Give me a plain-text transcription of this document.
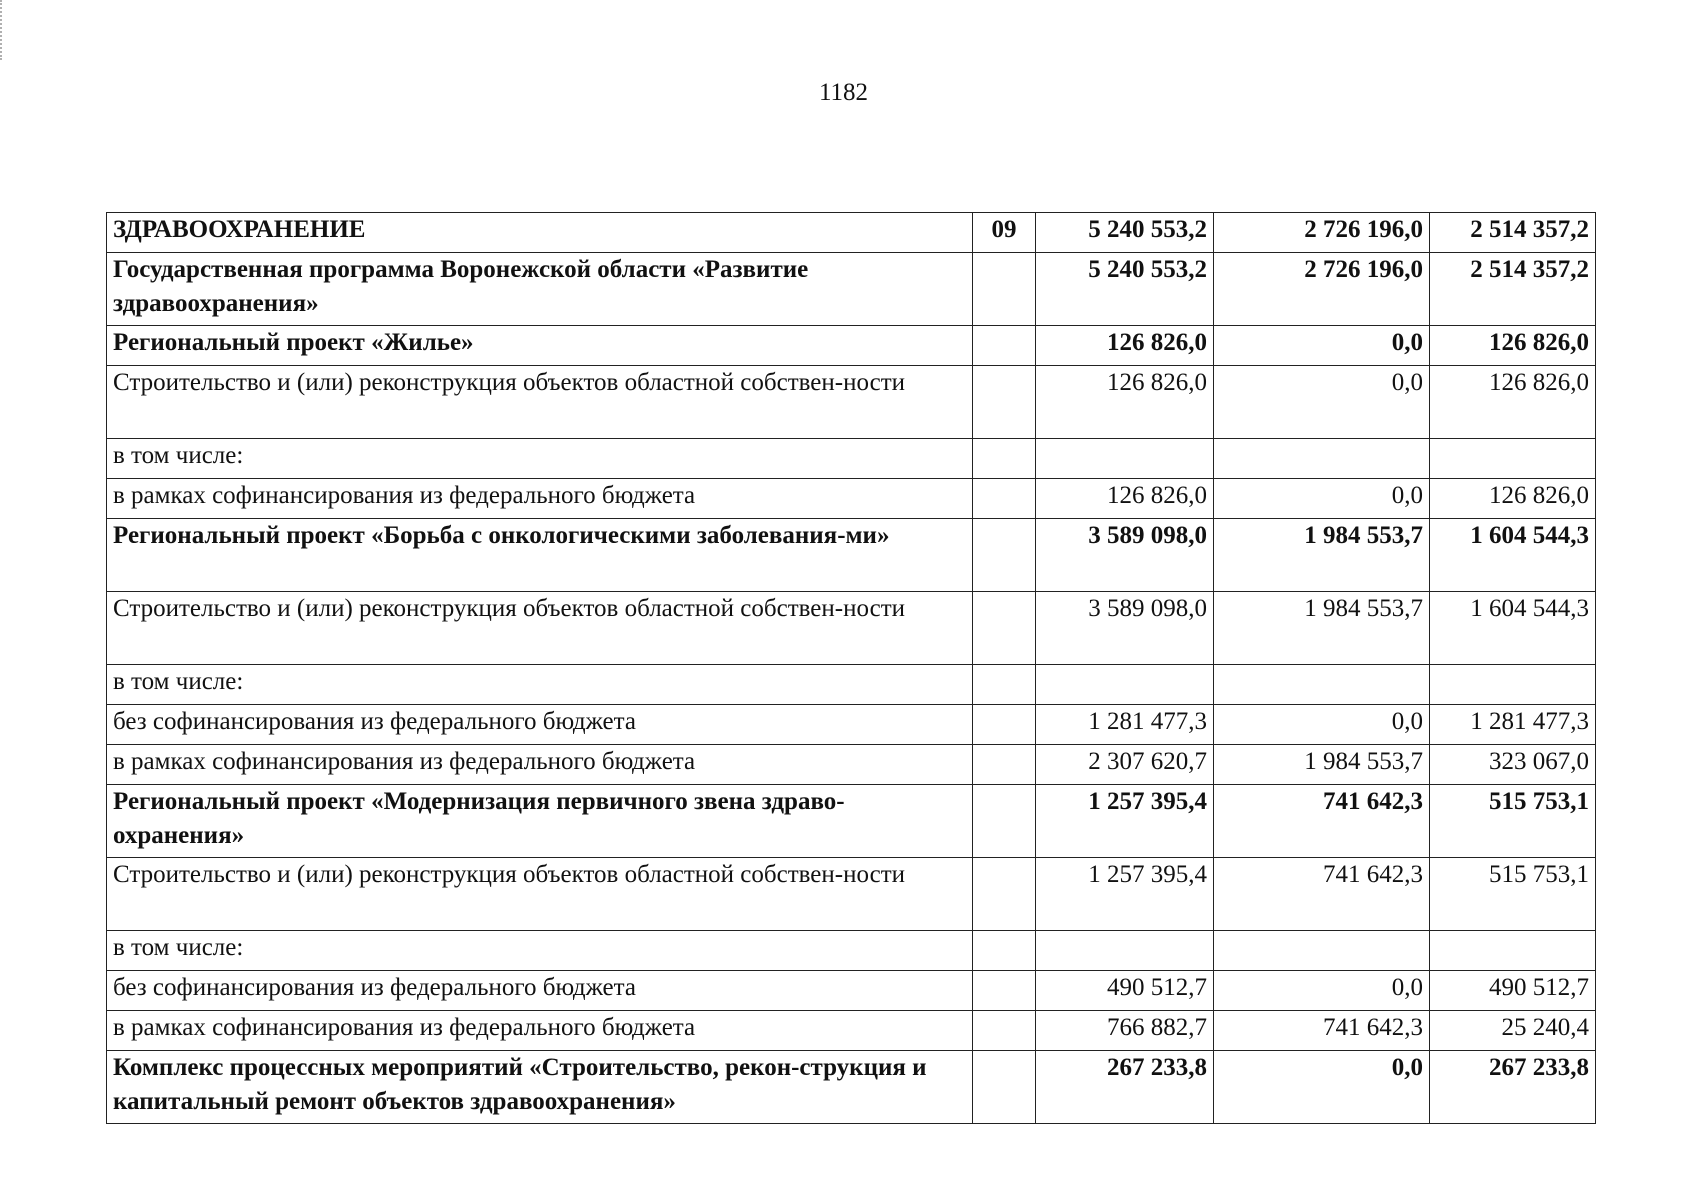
1182
ЗДРАВООХРАНЕНИЕ	09	5 240 553,2	2 726 196,0	2 514 357,2
Государственная программа Воронежской области «Развитие здравоохранения»		5 240 553,2	2 726 196,0	2 514 357,2
Региональный проект «Жилье»		126 826,0	0,0	126 826,0
Строительство и (или) реконструкция объектов областной собствен-ности		126 826,0	0,0	126 826,0
в том числе:				
в рамках софинансирования из федерального бюджета		126 826,0	0,0	126 826,0
Региональный проект «Борьба с онкологическими заболевания-ми»		3 589 098,0	1 984 553,7	1 604 544,3
Строительство и (или) реконструкция объектов областной собствен-ности		3 589 098,0	1 984 553,7	1 604 544,3
в том числе:				
без софинансирования из федерального бюджета		1 281 477,3	0,0	1 281 477,3
в рамках софинансирования из федерального бюджета		2 307 620,7	1 984 553,7	323 067,0
Региональный проект «Модернизация первичного звена здраво-охранения»		1 257 395,4	741 642,3	515 753,1
Строительство и (или) реконструкция объектов областной собствен-ности		1 257 395,4	741 642,3	515 753,1
в том числе:				
без софинансирования из федерального бюджета		490 512,7	0,0	490 512,7
в рамках софинансирования из федерального бюджета		766 882,7	741 642,3	25 240,4
Комплекс процессных мероприятий «Строительство, рекон-струкция и капитальный ремонт объектов здравоохранения»		267 233,8	0,0	267 233,8
